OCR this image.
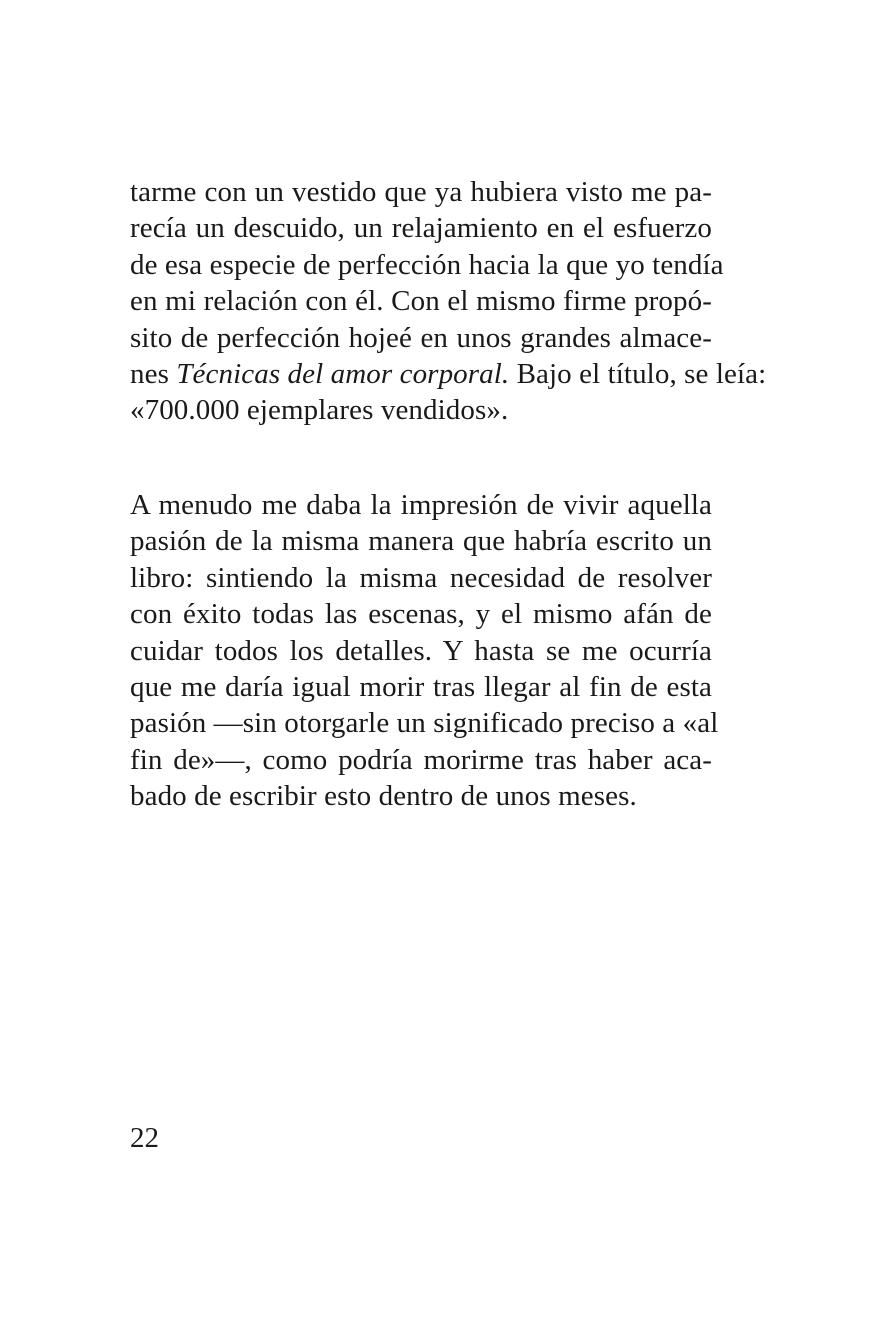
tarme con un vestido que ya hubiera visto me pa-
recía un descuido, un relajamiento en el esfuerzo
de esa especie de perfección hacia la que yo tendía
en mi relación con él. Con el mismo firme propó-
sito de perfección hojeé en unos grandes almace-
nes Técnicas del amor corporal. Bajo el título, se leía:
«700.000 ejemplares vendidos».
A menudo me daba la impresión de vivir aquella
pasión de la misma manera que habría escrito un
libro: sintiendo la misma necesidad de resolver
con éxito todas las escenas, y el mismo afán de
cuidar todos los detalles. Y hasta se me ocurría
que me daría igual morir tras llegar al fin de esta
pasión —sin otorgarle un significado preciso a «al
fin de»—, como podría morirme tras haber aca-
bado de escribir esto dentro de unos meses.
22
